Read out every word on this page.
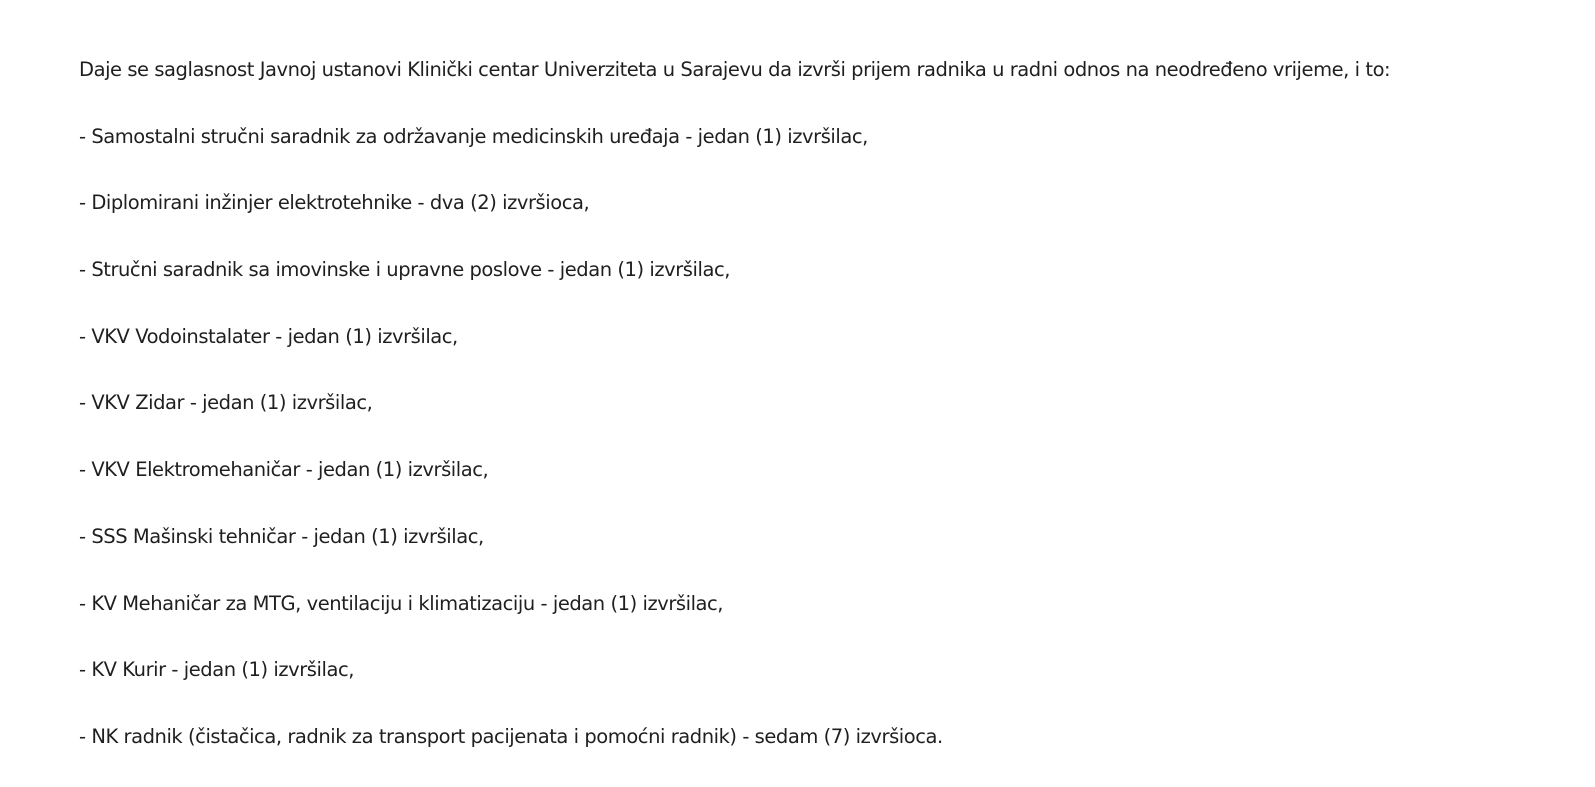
Daje se saglasnost Javnoj ustanovi Klinički centar Univerziteta u Sarajevu da izvrši prijem radnika u radni odnos na neodređeno vrijeme, i to:

- Samostalni stručni saradnik za održavanje medicinskih uređaja - jedan (1) izvršilac,

- Diplomirani inžinjer elektrotehnike - dva (2) izvršioca,

- Stručni saradnik sa imovinske i upravne poslove - jedan (1) izvršilac,

- VKV Vodoinstalater - jedan (1) izvršilac,

- VKV Zidar - jedan (1) izvršilac,

- VKV Elektromehaničar - jedan (1) izvršilac,

- SSS Mašinski tehničar - jedan (1) izvršilac,

- KV Mehaničar za MTG, ventilaciju i klimatizaciju - jedan (1) izvršilac,

- KV Kurir - jedan (1) izvršilac,

- NK radnik (čistačica, radnik za transport pacijenata i pomoćni radnik) - sedam (7) izvršioca.
